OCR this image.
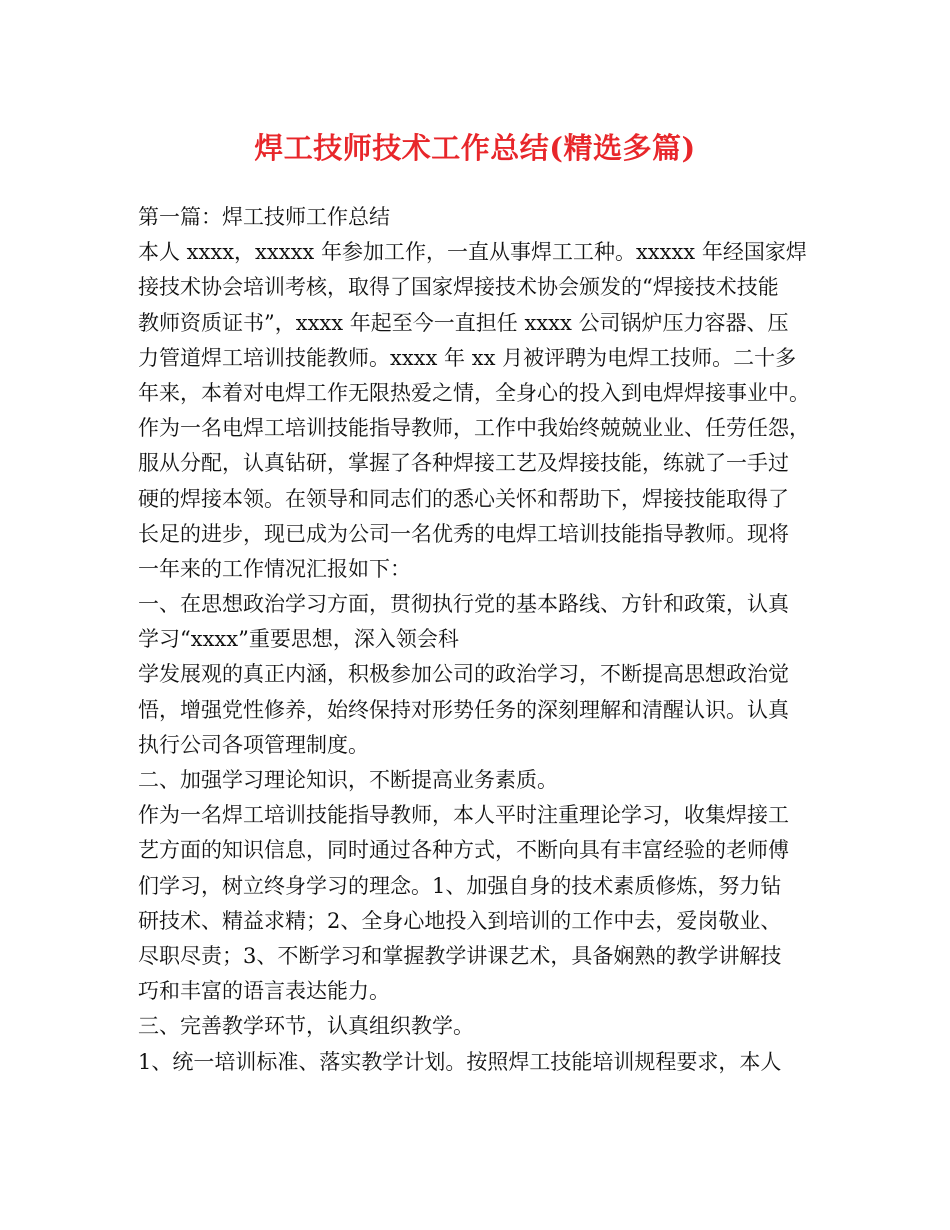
焊工技师技术工作总结(精选多篇)
第一篇：焊工技师工作总结
本人 xxxx，xxxxx 年参加工作，一直从事焊工工种。xxxxx 年经国家焊
接技术协会培训考核，取得了国家焊接技术协会颁发的“焊接技术技能
教师资质证书”，xxxx 年起至今一直担任 xxxx 公司锅炉压力容器、压
力管道焊工培训技能教师。xxxx 年 xx 月被评聘为电焊工技师。二十多
年来，本着对电焊工作无限热爱之情，全身心的投入到电焊焊接事业中。
作为一名电焊工培训技能指导教师，工作中我始终兢兢业业、任劳任怨，
服从分配，认真钻研，掌握了各种焊接工艺及焊接技能，练就了一手过
硬的焊接本领。在领导和同志们的悉心关怀和帮助下，焊接技能取得了
长足的进步，现已成为公司一名优秀的电焊工培训技能指导教师。现将
一年来的工作情况汇报如下：
一、在思想政治学习方面，贯彻执行党的基本路线、方针和政策，认真
学习“xxxx”重要思想，深入领会科
学发展观的真正内涵，积极参加公司的政治学习，不断提高思想政治觉
悟，增强党性修养，始终保持对形势任务的深刻理解和清醒认识。认真
执行公司各项管理制度。
二、加强学习理论知识，不断提高业务素质。
作为一名焊工培训技能指导教师，本人平时注重理论学习，收集焊接工
艺方面的知识信息，同时通过各种方式，不断向具有丰富经验的老师傅
们学习，树立终身学习的理念。1、加强自身的技术素质修炼，努力钻
研技术、精益求精；2、全身心地投入到培训的工作中去，爱岗敬业、
尽职尽责；3、不断学习和掌握教学讲课艺术，具备娴熟的教学讲解技
巧和丰富的语言表达能力。
三、完善教学环节，认真组织教学。
1、统一培训标准、落实教学计划。按照焊工技能培训规程要求，本人
